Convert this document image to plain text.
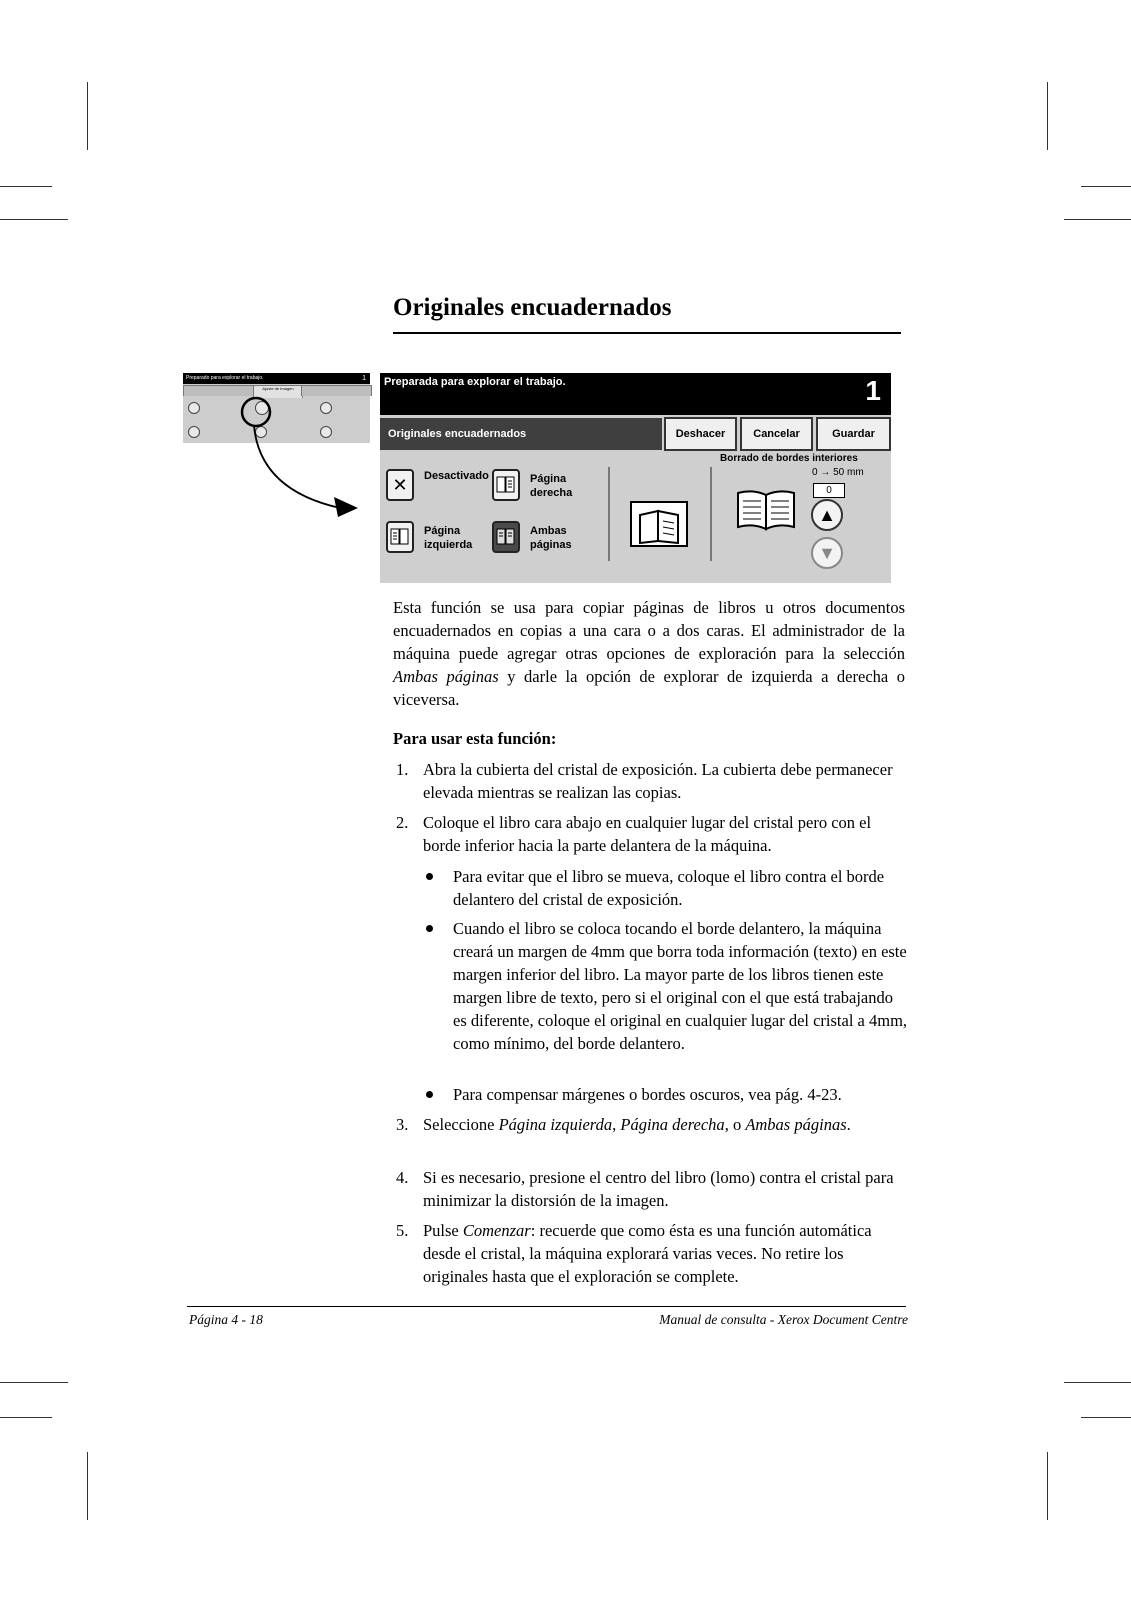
Originales encuadernados
Preparado para explorar el trabajo.	1
Ajuste de Imagen
Preparada para explorar el trabajo.	1
Originales encuadernados	Deshacer	Cancelar	Guardar
✕	Desactivado	Página
derecha
Página
izquierda
Ambas
páginas
Borrado de bordes interiores
0 → 50 mm
0
▲
▼

Esta función se usa para copiar páginas de libros u otros documentos encuadernados en copias a una cara o a dos caras. El administrador de la máquina puede agregar otras opciones de exploración para la selección Ambas páginas y darle la opción de explorar de izquierda a derecha o viceversa.

Para usar esta función:
1. Abra la cubierta del cristal de exposición. La cubierta debe permanecer elevada mientras se realizan las copias.
2. Coloque el libro cara abajo en cualquier lugar del cristal pero con el borde inferior hacia la parte delantera de la máquina.
Para evitar que el libro se mueva, coloque el libro contra el borde delantero del cristal de exposición.
Cuando el libro se coloca tocando el borde delantero, la máquina creará un margen de 4mm que borra toda información (texto) en este margen inferior del libro. La mayor parte de los libros tienen este margen libre de texto, pero si el original con el que está trabajando es diferente, coloque el original en cualquier lugar del cristal a 4mm, como mínimo, del borde delantero.
Para compensar márgenes o bordes oscuros, vea pág. 4-23.
3. Seleccione Página izquierda, Página derecha, o Ambas páginas.
4. Si es necesario, presione el centro del libro (lomo) contra el cristal para minimizar la distorsión de la imagen.
5. Pulse Comenzar: recuerde que como ésta es una función automática desde el cristal, la máquina explorará varias veces. No retire los originales hasta que el exploración se complete.
Página 4 - 18	Manual de consulta - Xerox Document Centre
